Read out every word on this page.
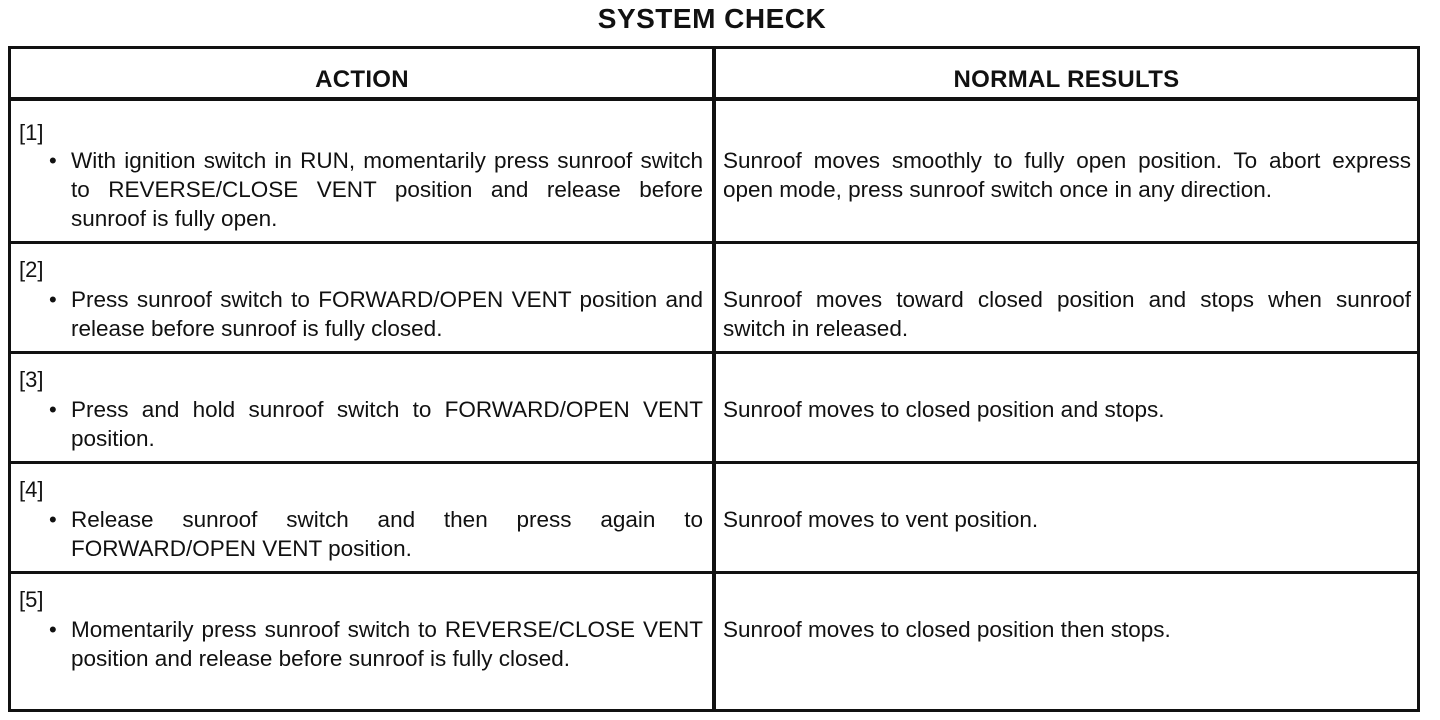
SYSTEM CHECK
ACTION	NORMAL RESULTS
[1]
• With ignition switch in RUN, momentarily press sunroof switch to REVERSE/CLOSE VENT position and release before sunroof is fully open.
Sunroof moves smoothly to fully open position. To abort express open mode, press sunroof switch once in any direction.
[2]
• Press sunroof switch to FORWARD/OPEN VENT position and release before sunroof is fully closed.
Sunroof moves toward closed position and stops when sunroof switch in released.
[3]
• Press and hold sunroof switch to FORWARD/OPEN VENT position.
Sunroof moves to closed position and stops.
[4]
• Release sunroof switch and then press again to FORWARD/OPEN VENT position.
Sunroof moves to vent position.
[5]
• Momentarily press sunroof switch to REVERSE/CLOSE VENT position and release before sunroof is fully closed.
Sunroof moves to closed position then stops.
